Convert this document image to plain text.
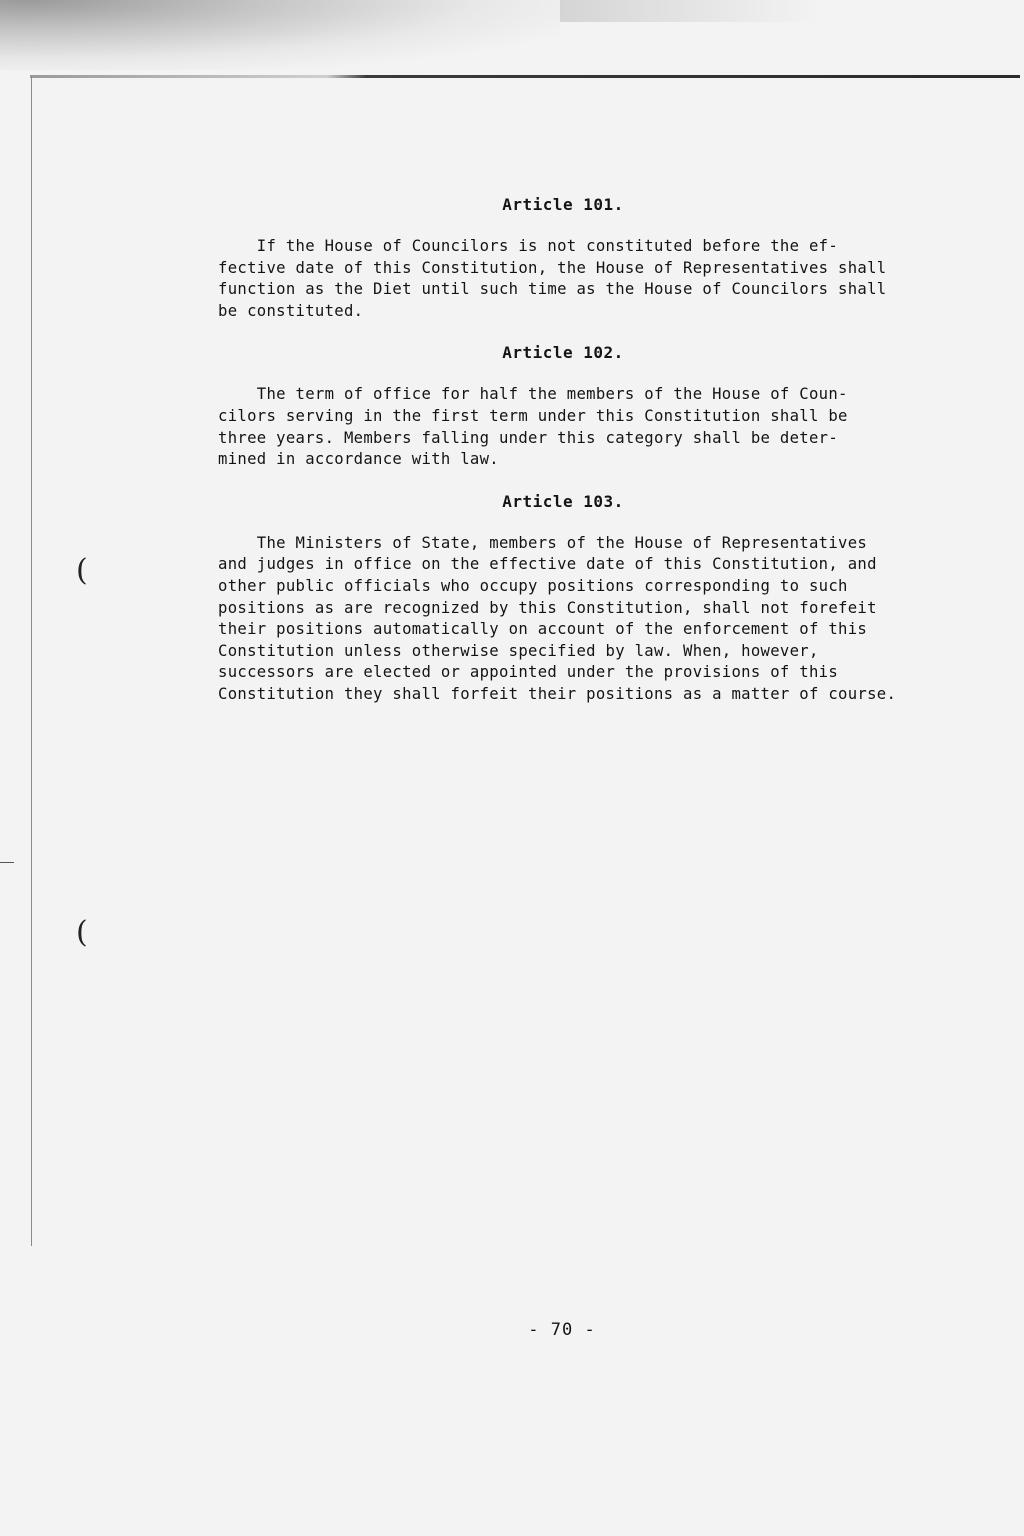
(
(
Article 101.

If the House of Councilors is not constituted before the ef-
fective date of this Constitution, the House of Representatives shall
function as the Diet until such time as the House of Councilors shall
be constituted.

Article 102.

The term of office for half the members of the House of Coun-
cilors serving in the first term under this Constitution shall be
three years. Members falling under this category shall be deter-
mined in accordance with law.

Article 103.

The Ministers of State, members of the House of Representatives
and judges in office on the effective date of this Constitution, and
other public officials who occupy positions corresponding to such
positions as are recognized by this Constitution, shall not forefeit
their positions automatically on account of the enforcement of this
Constitution unless otherwise specified by law. When, however,
successors are elected or appointed under the provisions of this
Constitution they shall forfeit their positions as a matter of course.

- 70 -
